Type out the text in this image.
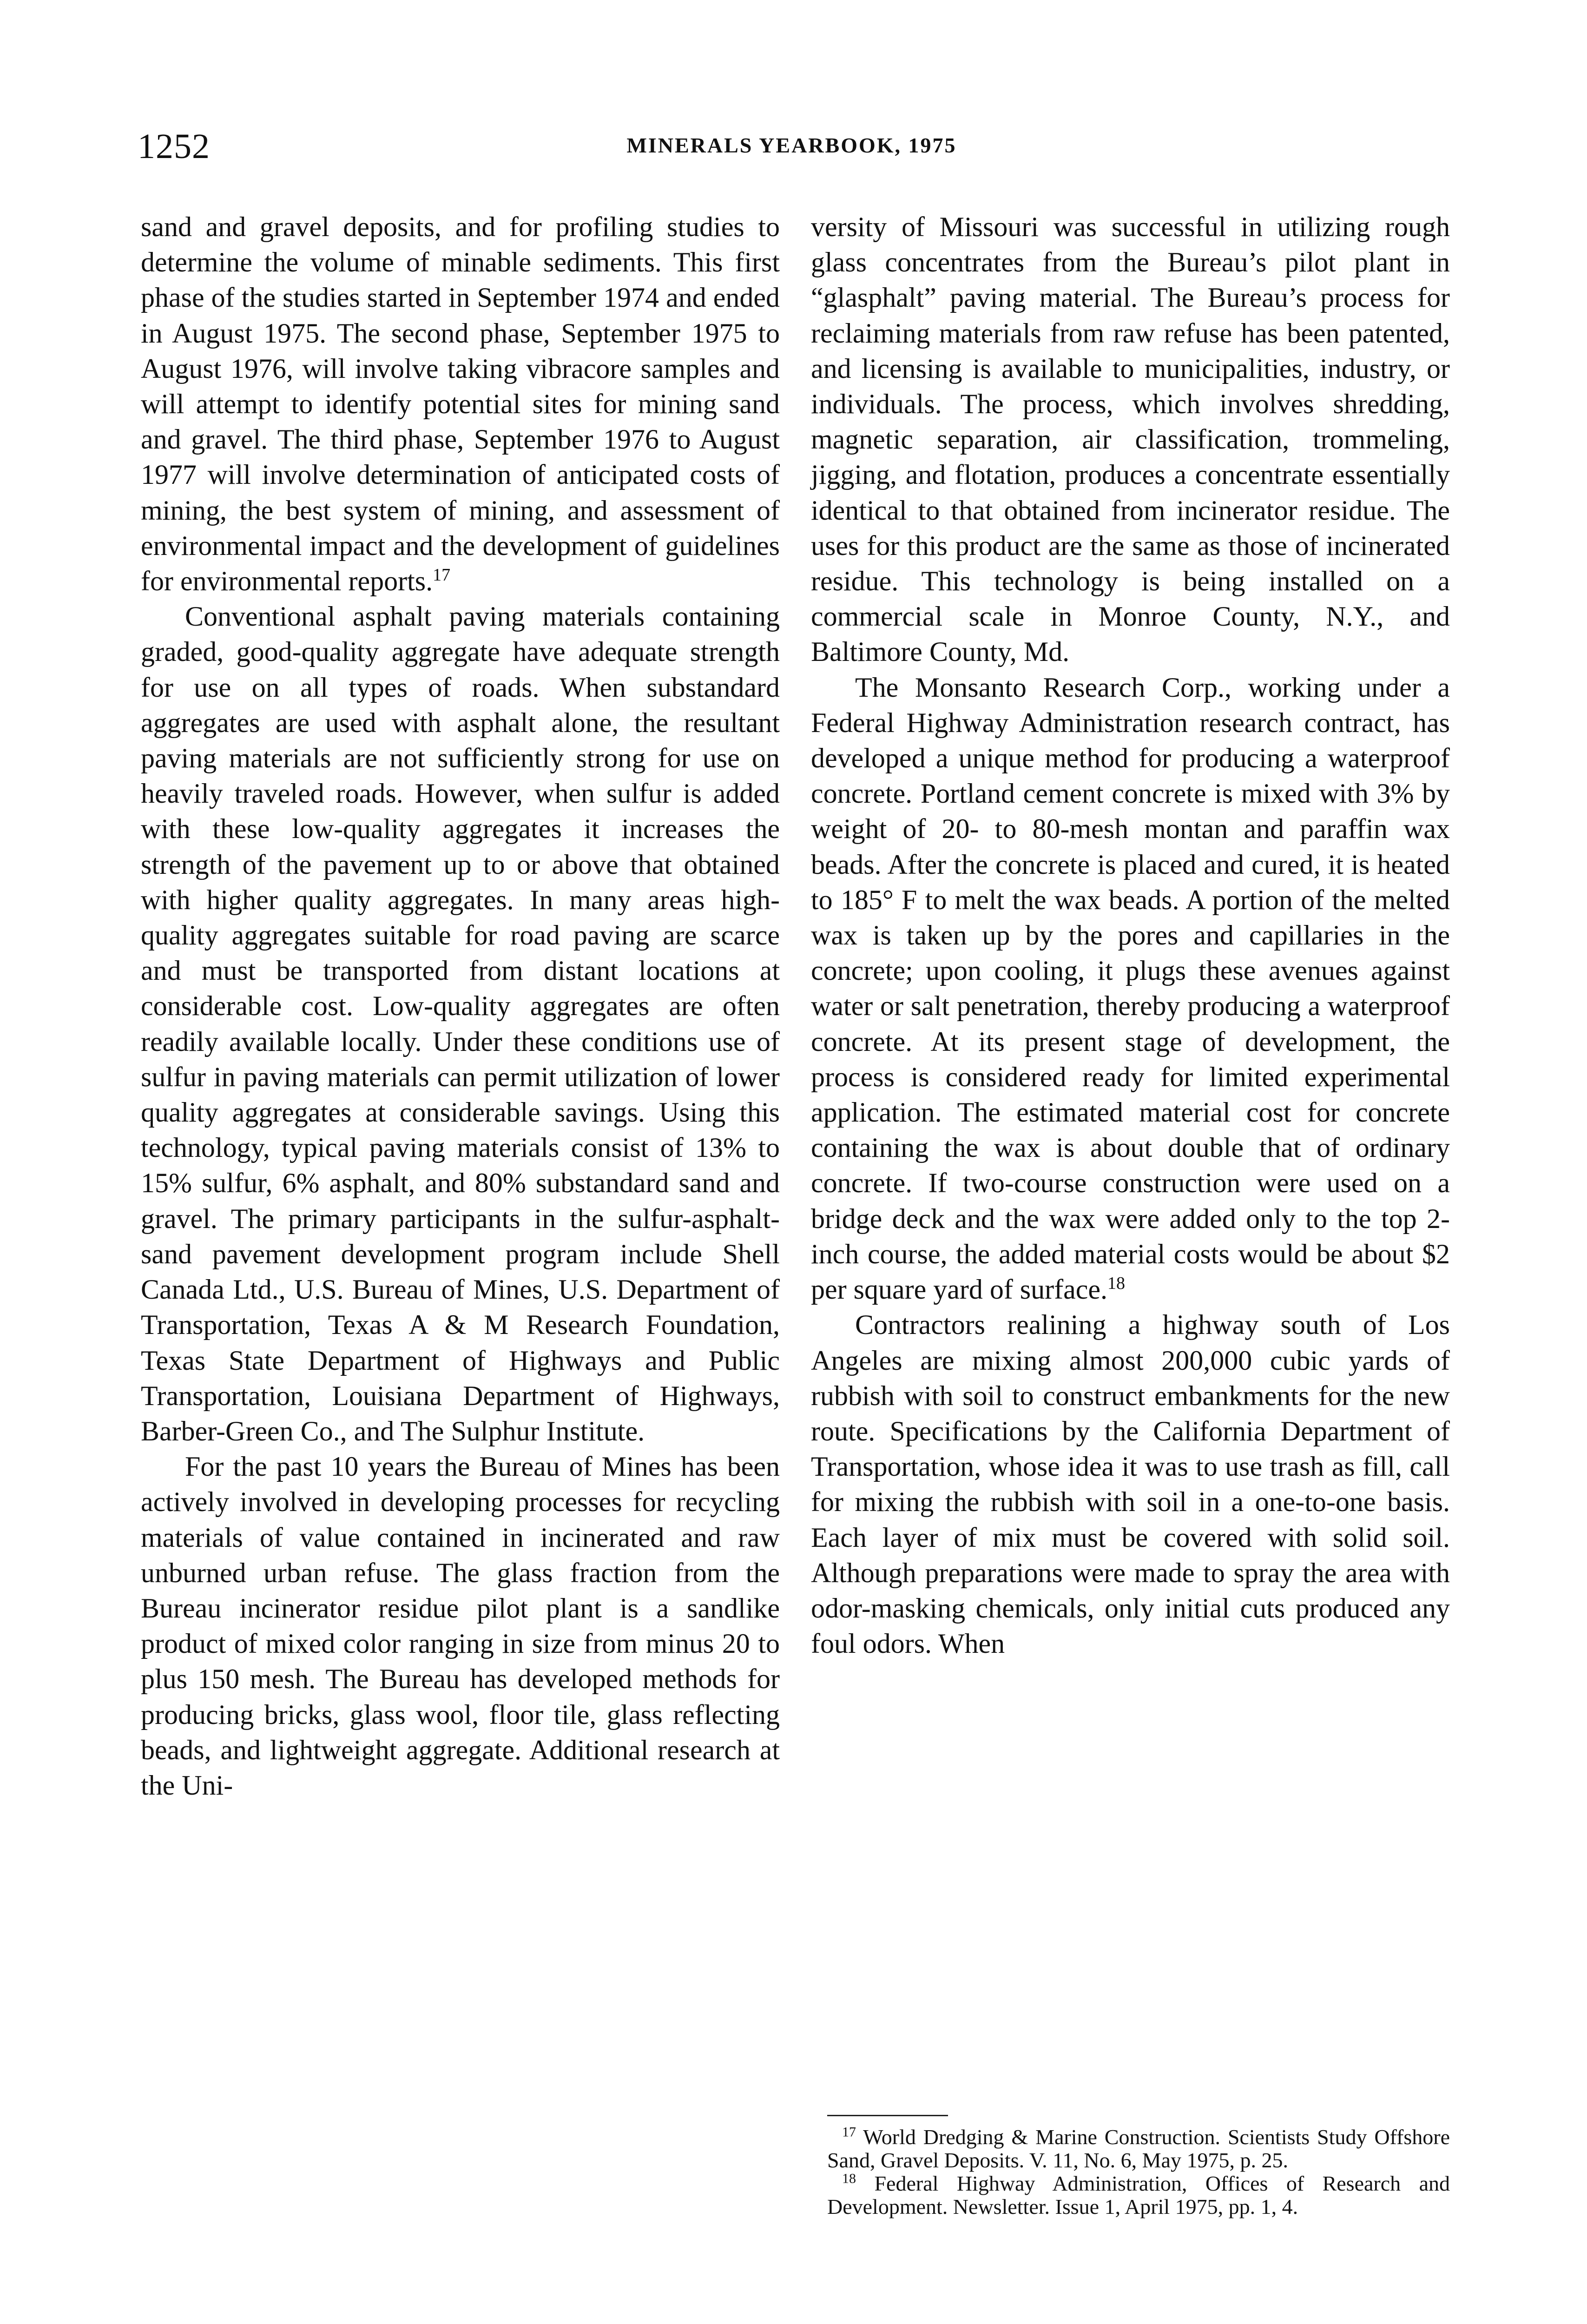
1252	MINERALS YEARBOOK, 1975

sand and gravel deposits, and for profiling studies to determine the volume of minable sediments. This first phase of the studies started in September 1974 and ended in August 1975. The second phase, September 1975 to August 1976, will involve taking vibracore samples and will attempt to identify potential sites for mining sand and gravel. The third phase, September 1976 to August 1977 will involve determination of anticipated costs of mining, the best system of mining, and assessment of environmental impact and the development of guidelines for environmental reports.$^{17}$

Conventional asphalt paving materials containing graded, good-quality aggregate have adequate strength for use on all types of roads. When substandard aggregates are used with asphalt alone, the resultant paving materials are not sufficiently strong for use on heavily traveled roads. However, when sulfur is added with these low-quality aggregates it increases the strength of the pavement up to or above that obtained with higher quality aggregates. In many areas high-quality aggregates suitable for road paving are scarce and must be transported from distant locations at considerable cost. Low-quality aggregates are often readily available locally. Under these conditions use of sulfur in paving materials can permit utilization of lower quality aggregates at considerable savings. Using this technology, typical paving materials consist of 13% to 15% sulfur, 6% asphalt, and 80% substandard sand and gravel. The primary participants in the sulfur-asphalt-sand pavement development program include Shell Canada Ltd., U.S. Bureau of Mines, U.S. Department of Transportation, Texas A & M Research Foundation, Texas State Department of Highways and Public Transportation, Louisiana Department of Highways, Barber-Green Co., and The Sulphur Institute.

For the past 10 years the Bureau of Mines has been actively involved in developing processes for recycling materials of value contained in incinerated and raw unburned urban refuse. The glass fraction from the Bureau incinerator residue pilot plant is a sandlike product of mixed color ranging in size from minus 20 to plus 150 mesh. The Bureau has developed methods for producing bricks, glass wool, floor tile, glass reflecting beads, and lightweight aggregate. Additional research at the Uni-

versity of Missouri was successful in utilizing rough glass concentrates from the Bureau’s pilot plant in “glasphalt” paving material. The Bureau’s process for reclaiming materials from raw refuse has been patented, and licensing is available to municipalities, industry, or individuals. The process, which involves shredding, magnetic separation, air classification, trommeling, jigging, and flotation, produces a concentrate essentially identical to that obtained from incinerator residue. The uses for this product are the same as those of incinerated residue. This technology is being installed on a commercial scale in Monroe County, N.Y., and Baltimore County, Md.

The Monsanto Research Corp., working under a Federal Highway Administration research contract, has developed a unique method for producing a waterproof concrete. Portland cement concrete is mixed with 3% by weight of 20- to 80-mesh montan and paraffin wax beads. After the concrete is placed and cured, it is heated to 185° F to melt the wax beads. A portion of the melted wax is taken up by the pores and capillaries in the concrete; upon cooling, it plugs these avenues against water or salt penetration, thereby producing a waterproof concrete. At its present stage of development, the process is considered ready for limited experimental application. The estimated material cost for concrete containing the wax is about double that of ordinary concrete. If two-course construction were used on a bridge deck and the wax were added only to the top 2-inch course, the added material costs would be about $2 per square yard of surface.$^{18}$

Contractors realining a highway south of Los Angeles are mixing almost 200,000 cubic yards of rubbish with soil to construct embankments for the new route. Specifications by the California Department of Transportation, whose idea it was to use trash as fill, call for mixing the rubbish with soil in a one-to-one basis. Each layer of mix must be covered with solid soil. Although preparations were made to spray the area with odor-masking chemicals, only initial cuts produced any foul odors. When

$^{17}$ World Dredging & Marine Construction. Scientists Study Offshore Sand, Gravel Deposits. V. 11, No. 6, May 1975, p. 25.

$^{18}$ Federal Highway Administration, Offices of Research and Development. Newsletter. Issue 1, April 1975, pp. 1, 4.
